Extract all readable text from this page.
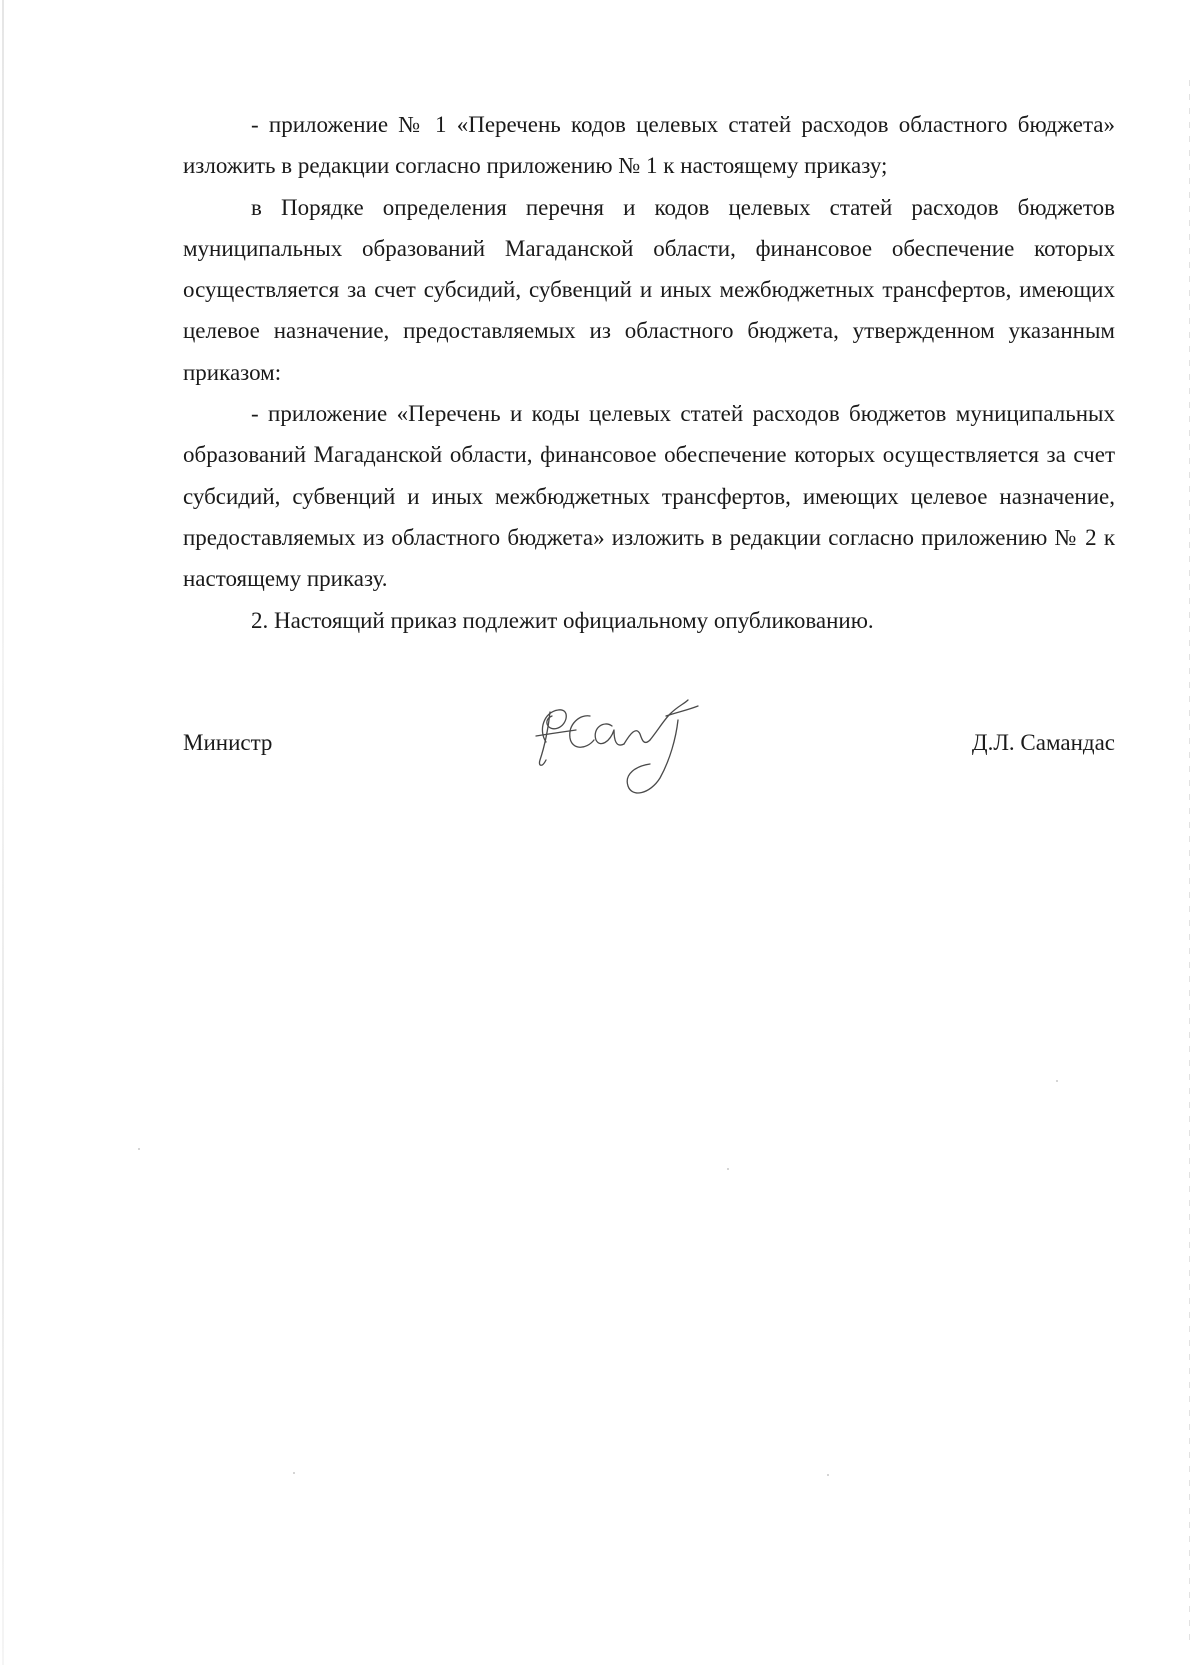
- приложение № 1 «Перечень кодов целевых статей расходов областного бюджета» изложить в редакции согласно приложению № 1 к настоящему приказу;

в Порядке определения перечня и кодов целевых статей расходов бюджетов муниципальных образований Магаданской области, финансовое обеспечение которых осуществляется за счет субсидий, субвенций и иных межбюджетных трансфертов, имеющих целевое назначение, предоставляемых из областного бюджета, утвержденном указанным приказом:

- приложение «Перечень и коды целевых статей расходов бюджетов муниципальных образований Магаданской области, финансовое обеспечение которых осуществляется за счет субсидий, субвенций и иных межбюджетных трансфертов, имеющих целевое назначение, предоставляемых из областного бюджета» изложить в редакции согласно приложению № 2 к настоящему приказу.

2. Настоящий приказ подлежит официальному опубликованию.

Министр	Д.Л. Самандас
